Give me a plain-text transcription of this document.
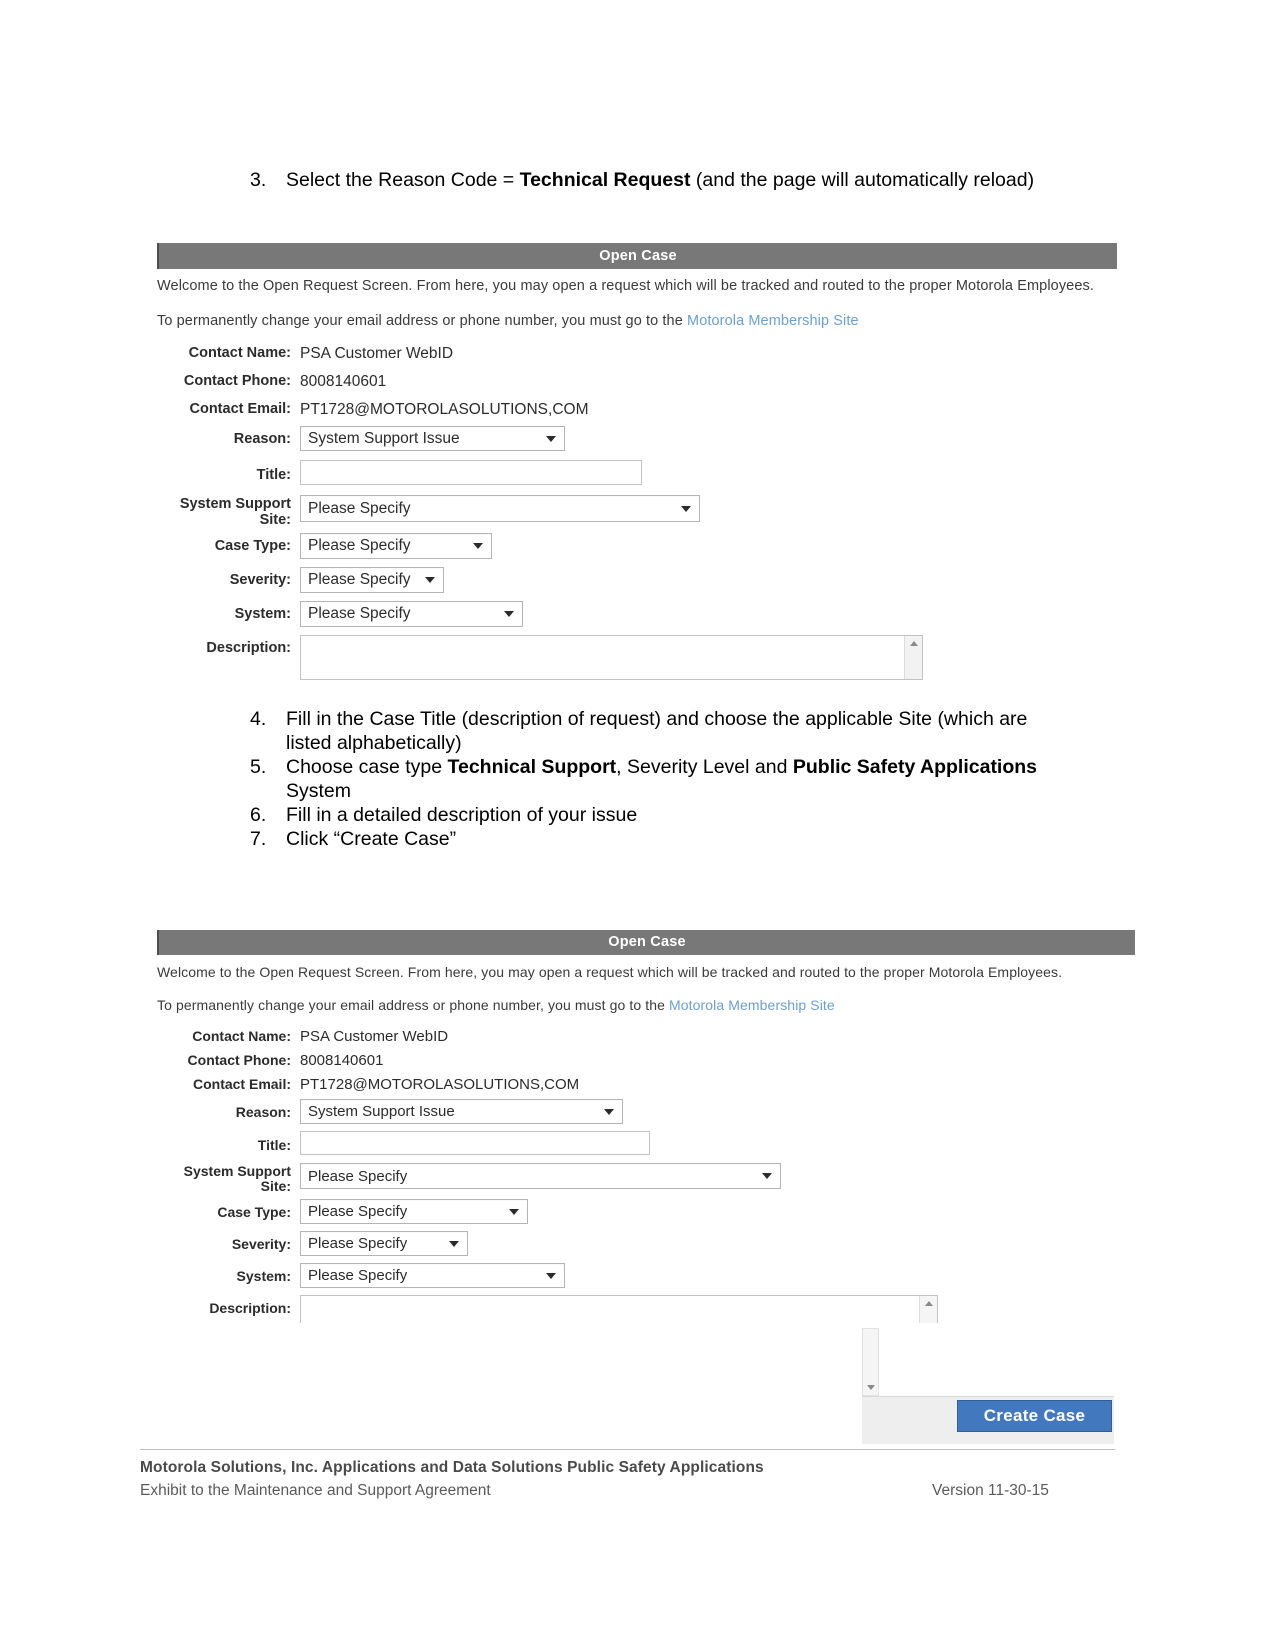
3.	Select the Reason Code = Technical Request (and the page will automatically reload)
Open Case
Welcome to the Open Request Screen. From here, you may open a request which will be tracked and routed to the proper Motorola Employees.
To permanently change your email address or phone number, you must go to the Motorola Membership Site
Contact Name: PSA Customer WebID
Contact Phone: 8008140601
Contact Email: PT1728@MOTOROLASOLUTIONS,COM
Reason:	System Support Issue
Title:
System Support Site:
Please Specify
Case Type:	Please Specify
Severity:	Please Specify
System:	Please Specify
Description:
4.	Fill in the Case Title (description of request) and choose the applicable Site (which are listed alphabetically)
5.	Choose case type Technical Support, Severity Level and Public Safety Applications System
6.	Fill in a detailed description of your issue
7.	Click “Create Case”
Open Case
Welcome to the Open Request Screen. From here, you may open a request which will be tracked and routed to the proper Motorola Employees.
To permanently change your email address or phone number, you must go to the Motorola Membership Site
Contact Name: PSA Customer WebID
Contact Phone: 8008140601
Contact Email: PT1728@MOTOROLASOLUTIONS,COM
Reason:	System Support Issue
Title:
System Support Site:
Please Specify
Case Type:	Please Specify
Severity:	Please Specify
System:	Please Specify
Description:
Create Case
Motorola Solutions, Inc. Applications and Data Solutions Public Safety Applications
Exhibit to the Maintenance and Support Agreement	Version 11-30-15
